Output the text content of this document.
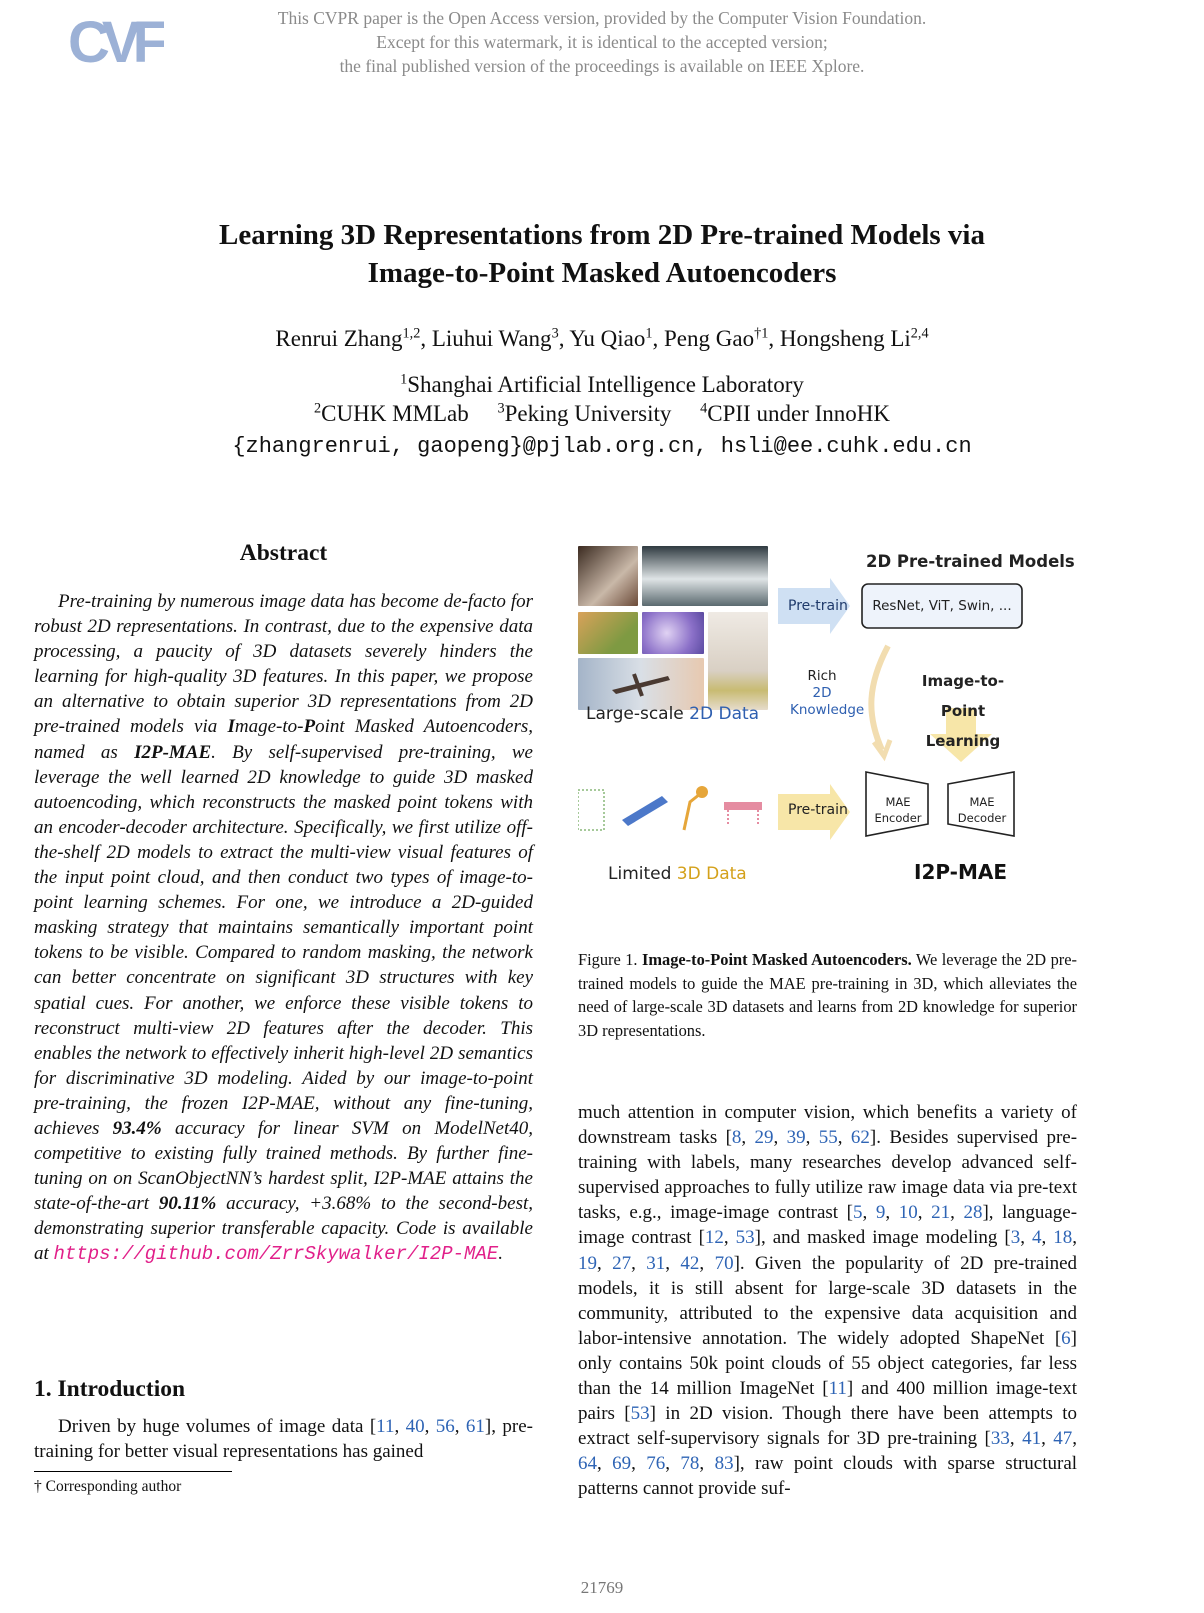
This CVPR paper is the Open Access version, provided by the Computer Vision Foundation.
Except for this watermark, it is identical to the accepted version;
the final published version of the proceedings is available on IEEE Xplore.
CVF
Learning 3D Representations from 2D Pre-trained Models via
Image-to-Point Masked Autoencoders
Renrui Zhang$^{1,2}$, Liuhui Wang$^3$, Yu Qiao$^1$, Peng Gao$^{\dagger 1}$, Hongsheng Li$^{2,4}$
$^1$Shanghai Artificial Intelligence Laboratory
$^2$CUHK MMLab $^3$Peking University $^4$CPII under InnoHK
{zhangrenrui, gaopeng}@pjlab.org.cn, hsli@ee.cuhk.edu.cn
Abstract
Pre-training by numerous image data has become de-facto for robust 2D representations. In contrast, due to the expensive data processing, a paucity of 3D datasets severely hinders the learning for high-quality 3D features. In this paper, we propose an alternative to obtain superior 3D representations from 2D pre-trained models via Image-to-Point Masked Autoencoders, named as I2P-MAE. By self-supervised pre-training, we leverage the well learned 2D knowledge to guide 3D masked autoencoding, which reconstructs the masked point tokens with an encoder-decoder architecture. Specifically, we first utilize off-the-shelf 2D models to extract the multi-view visual features of the input point cloud, and then conduct two types of image-to-point learning schemes. For one, we introduce a 2D-guided masking strategy that maintains semantically important point tokens to be visible. Compared to random masking, the network can better concentrate on significant 3D structures with key spatial cues. For another, we enforce these visible tokens to reconstruct multi-view 2D features after the decoder. This enables the network to effectively inherit high-level 2D semantics for discriminative 3D modeling. Aided by our image-to-point pre-training, the frozen I2P-MAE, without any fine-tuning, achieves 93.4% accuracy for linear SVM on ModelNet40, competitive to existing fully trained methods. By further fine-tuning on on ScanObjectNN’s hardest split, I2P-MAE attains the state-of-the-art 90.11% accuracy, +3.68% to the second-best, demonstrating superior transferable capacity. Code is available at https://github.com/ZrrSkywalker/I2P-MAE.
1. Introduction
Driven by huge volumes of image data [11, 40, 56, 61], pre-training for better visual representations has gained
† Corresponding author
Large-scale 2D Data
2D Pre-trained Models
Pre-train	ResNet, ViT, Swin, ...
Rich
2D
Knowledge
Image-to-Point
Learning
Pre-train	MAE
Encoder
MAE
Decoder
Limited 3D Data	I2P-MAE
Figure 1. Image-to-Point Masked Autoencoders. We leverage the 2D pre-trained models to guide the MAE pre-training in 3D, which alleviates the need of large-scale 3D datasets and learns from 2D knowledge for superior 3D representations.
much attention in computer vision, which benefits a variety of downstream tasks [8, 29, 39, 55, 62]. Besides supervised pre-training with labels, many researches develop advanced self-supervised approaches to fully utilize raw image data via pre-text tasks, e.g., image-image contrast [5, 9, 10, 21, 28], language-image contrast [12, 53], and masked image modeling [3, 4, 18, 19, 27, 31, 42, 70]. Given the popularity of 2D pre-trained models, it is still absent for large-scale 3D datasets in the community, attributed to the expensive data acquisition and labor-intensive annotation. The widely adopted ShapeNet [6] only contains 50k point clouds of 55 object categories, far less than the 14 million ImageNet [11] and 400 million image-text pairs [53] in 2D vision. Though there have been attempts to extract self-supervisory signals for 3D pre-training [33, 41, 47, 64, 69, 76, 78, 83], raw point clouds with sparse structural patterns cannot provide suf-
21769
